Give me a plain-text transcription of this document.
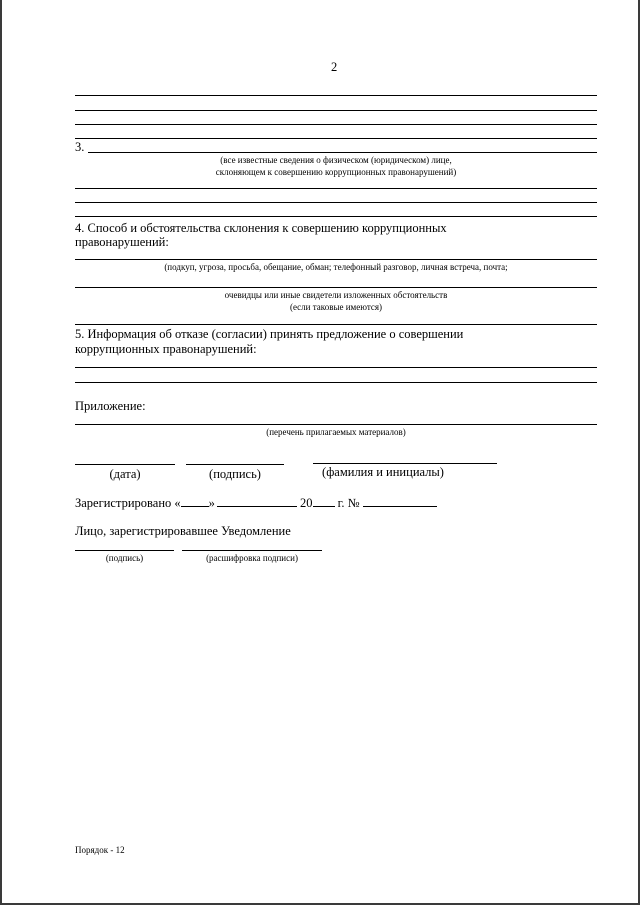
2
3.
(все известные сведения о физическом (юридическом) лице,
склоняющем к совершению коррупционных правонарушений)
4. Способ и обстоятельства склонения к совершению коррупционных
правонарушений:
(подкуп, угроза, просьба, обещание, обман; телефонный разговор, личная встреча, почта;
очевидцы или иные свидетели изложенных обстоятельств
(если таковые имеются)
5. Информация об отказе (согласии) принять предложение о совершении
коррупционных правонарушений:
Приложение:
(перечень прилагаемых материалов)
(дата)	(подпись)	(фамилия и инициалы)
Зарегистрировано « »	20 г. №
Лицо, зарегистрировавшее Уведомление
(подпись)	(расшифровка подписи)
Порядок - 12
